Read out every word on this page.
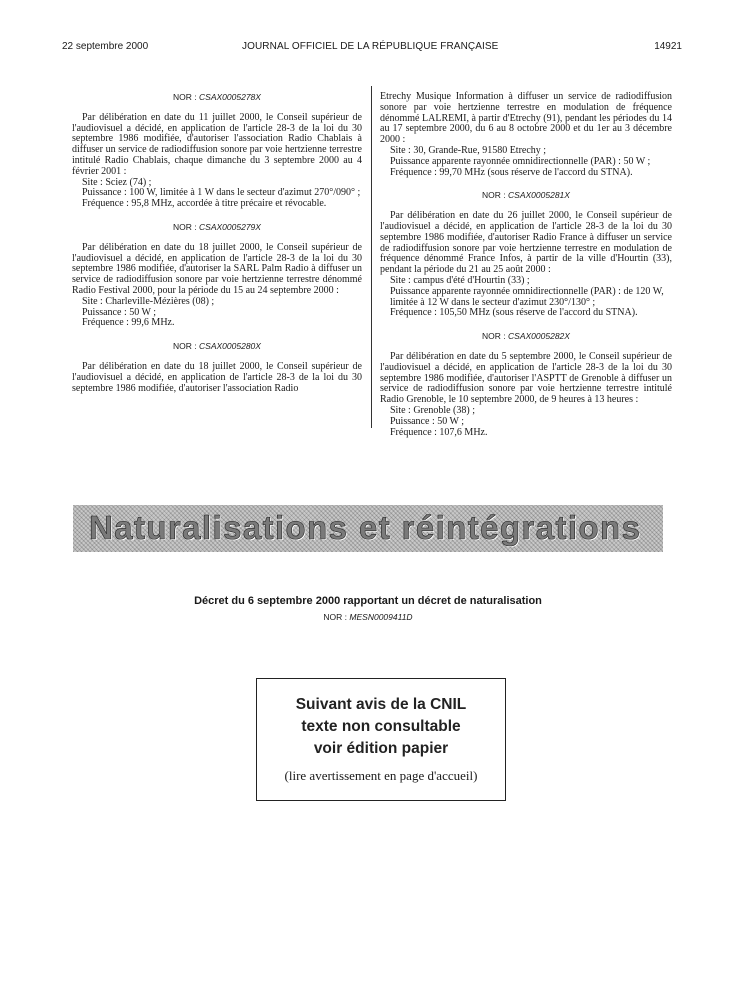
22 septembre 2000	JOURNAL OFFICIEL DE LA RÉPUBLIQUE FRANÇAISE	14921
NOR : CSAX0005278X

Par délibération en date du 11 juillet 2000, le Conseil supérieur de l'audiovisuel a décidé, en application de l'article 28-3 de la loi du 30 septembre 1986 modifiée, d'autoriser l'association Radio Chablais à diffuser un service de radiodiffusion sonore par voie hertzienne terrestre intitulé Radio Chablais, chaque dimanche du 3 septembre 2000 au 4 février 2001 :

Site : Sciez (74) ;

Puissance : 100 W, limitée à 1 W dans le secteur d'azimut 270°/090° ;

Fréquence : 95,8 MHz, accordée à titre précaire et révocable.

NOR : CSAX0005279X

Par délibération en date du 18 juillet 2000, le Conseil supérieur de l'audiovisuel a décidé, en application de l'article 28-3 de la loi du 30 septembre 1986 modifiée, d'autoriser la SARL Palm Radio à diffuser un service de radiodiffusion sonore par voie hertzienne terrestre dénommé Radio Festival 2000, pour la période du 15 au 24 septembre 2000 :

Site : Charleville-Mézières (08) ;

Puissance : 50 W ;

Fréquence : 99,6 MHz.

NOR : CSAX0005280X

Par délibération en date du 18 juillet 2000, le Conseil supérieur de l'audiovisuel a décidé, en application de l'article 28-3 de la loi du 30 septembre 1986 modifiée, d'autoriser l'association Radio

Etrechy Musique Information à diffuser un service de radiodiffusion sonore par voie hertzienne terrestre en modulation de fréquence dénommé LALREMI, à partir d'Etrechy (91), pendant les périodes du 14 au 17 septembre 2000, du 6 au 8 octobre 2000 et du 1er au 3 décembre 2000 :

Site : 30, Grande-Rue, 91580 Etrechy ;

Puissance apparente rayonnée omnidirectionnelle (PAR) : 50 W ;

Fréquence : 99,70 MHz (sous réserve de l'accord du STNA).

NOR : CSAX0005281X

Par délibération en date du 26 juillet 2000, le Conseil supérieur de l'audiovisuel a décidé, en application de l'article 28-3 de la loi du 30 septembre 1986 modifiée, d'autoriser Radio France à diffuser un service de radiodiffusion sonore par voie hertzienne terrestre en modulation de fréquence dénommé France Infos, à partir de la ville d'Hourtin (33), pendant la période du 21 au 25 août 2000 :

Site : campus d'été d'Hourtin (33) ;

Puissance apparente rayonnée omnidirectionnelle (PAR) : de 120 W, limitée à 12 W dans le secteur d'azimut 230°/130° ;

Fréquence : 105,50 MHz (sous réserve de l'accord du STNA).

NOR : CSAX0005282X

Par délibération en date du 5 septembre 2000, le Conseil supérieur de l'audiovisuel a décidé, en application de l'article 28-3 de la loi du 30 septembre 1986 modifiée, d'autoriser l'ASPTT de Grenoble à diffuser un service de radiodiffusion sonore par voie hertzienne terrestre intitulé Radio Grenoble, le 10 septembre 2000, de 9 heures à 13 heures :

Site : Grenoble (38) ;

Puissance : 50 W ;

Fréquence : 107,6 MHz.

Naturalisations et réintégrations
Décret du 6 septembre 2000 rapportant un décret de naturalisation
NOR : MESN0009411D
Suivant avis de la CNIL
texte non consultable
voir édition papier
(lire avertissement en page d'accueil)
